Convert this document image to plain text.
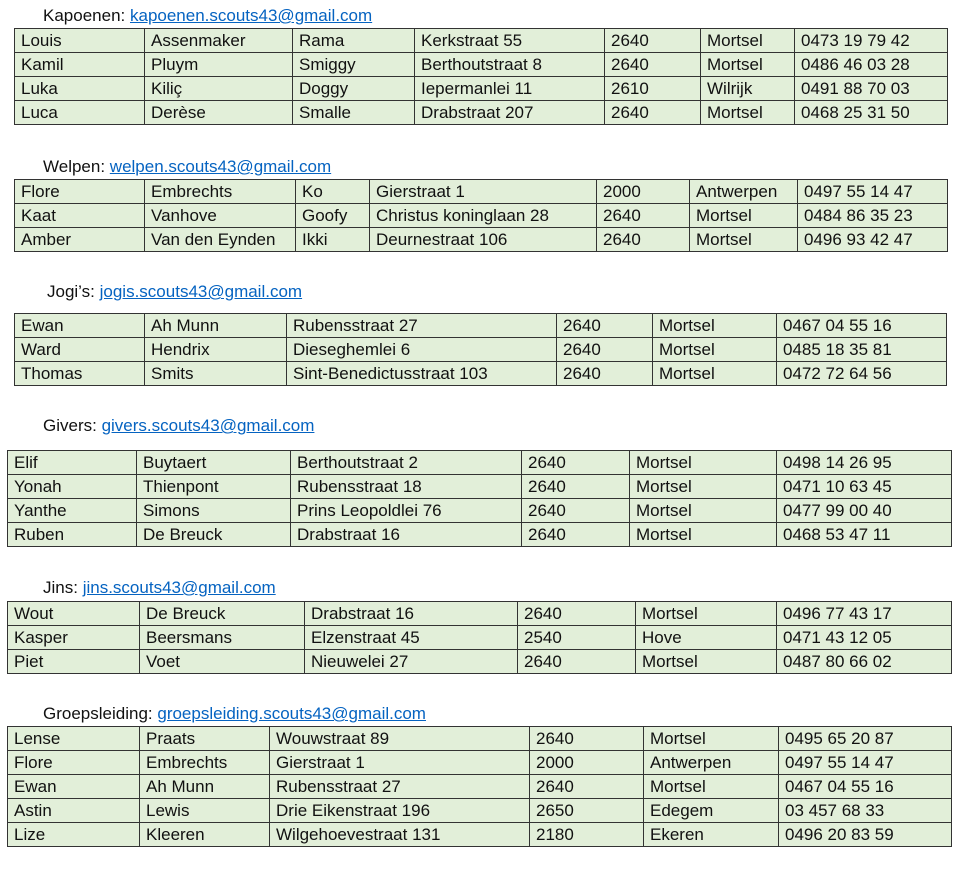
Kapoenen: kapoenen.scouts43@gmail.com
Louis	Assenmaker	Rama	Kerkstraat 55	2640	Mortsel	0473 19 79 42
Kamil	Pluym	Smiggy	Berthoutstraat 8	2640	Mortsel	0486 46 03 28
Luka	Kiliç	Doggy	Iepermanlei 11	2610	Wilrijk	0491 88 70 03
Luca	Derèse	Smalle	Drabstraat 207	2640	Mortsel	0468 25 31 50
Welpen: welpen.scouts43@gmail.com
Flore	Embrechts	Ko	Gierstraat 1	2000	Antwerpen	0497 55 14 47
Kaat	Vanhove	Goofy	Christus koninglaan 28	2640	Mortsel	0484 86 35 23
Amber	Van den Eynden	Ikki	Deurnestraat 106	2640	Mortsel	0496 93 42 47
Jogi’s: jogis.scouts43@gmail.com
Ewan	Ah Munn	Rubensstraat 27	2640	Mortsel	0467 04 55 16
Ward	Hendrix	Dieseghemlei 6	2640	Mortsel	0485 18 35 81
Thomas	Smits	Sint-Benedictusstraat 103	2640	Mortsel	0472 72 64 56
Givers: givers.scouts43@gmail.com
Elif	Buytaert	Berthoutstraat 2	2640	Mortsel	0498 14 26 95
Yonah	Thienpont	Rubensstraat 18	2640	Mortsel	0471 10 63 45
Yanthe	Simons	Prins Leopoldlei 76	2640	Mortsel	0477 99 00 40
Ruben	De Breuck	Drabstraat 16	2640	Mortsel	0468 53 47 11
Jins: jins.scouts43@gmail.com
Wout	De Breuck	Drabstraat 16	2640	Mortsel	0496 77 43 17
Kasper	Beersmans	Elzenstraat 45	2540	Hove	0471 43 12 05
Piet	Voet	Nieuwelei 27	2640	Mortsel	0487 80 66 02
Groepsleiding: groepsleiding.scouts43@gmail.com
Lense	Praats	Wouwstraat 89	2640	Mortsel	0495 65 20 87
Flore	Embrechts	Gierstraat 1	2000	Antwerpen	0497 55 14 47
Ewan	Ah Munn	Rubensstraat 27	2640	Mortsel	0467 04 55 16
Astin	Lewis	Drie Eikenstraat 196	2650	Edegem	03 457 68 33
Lize	Kleeren	Wilgehoevestraat 131	2180	Ekeren	0496 20 83 59
